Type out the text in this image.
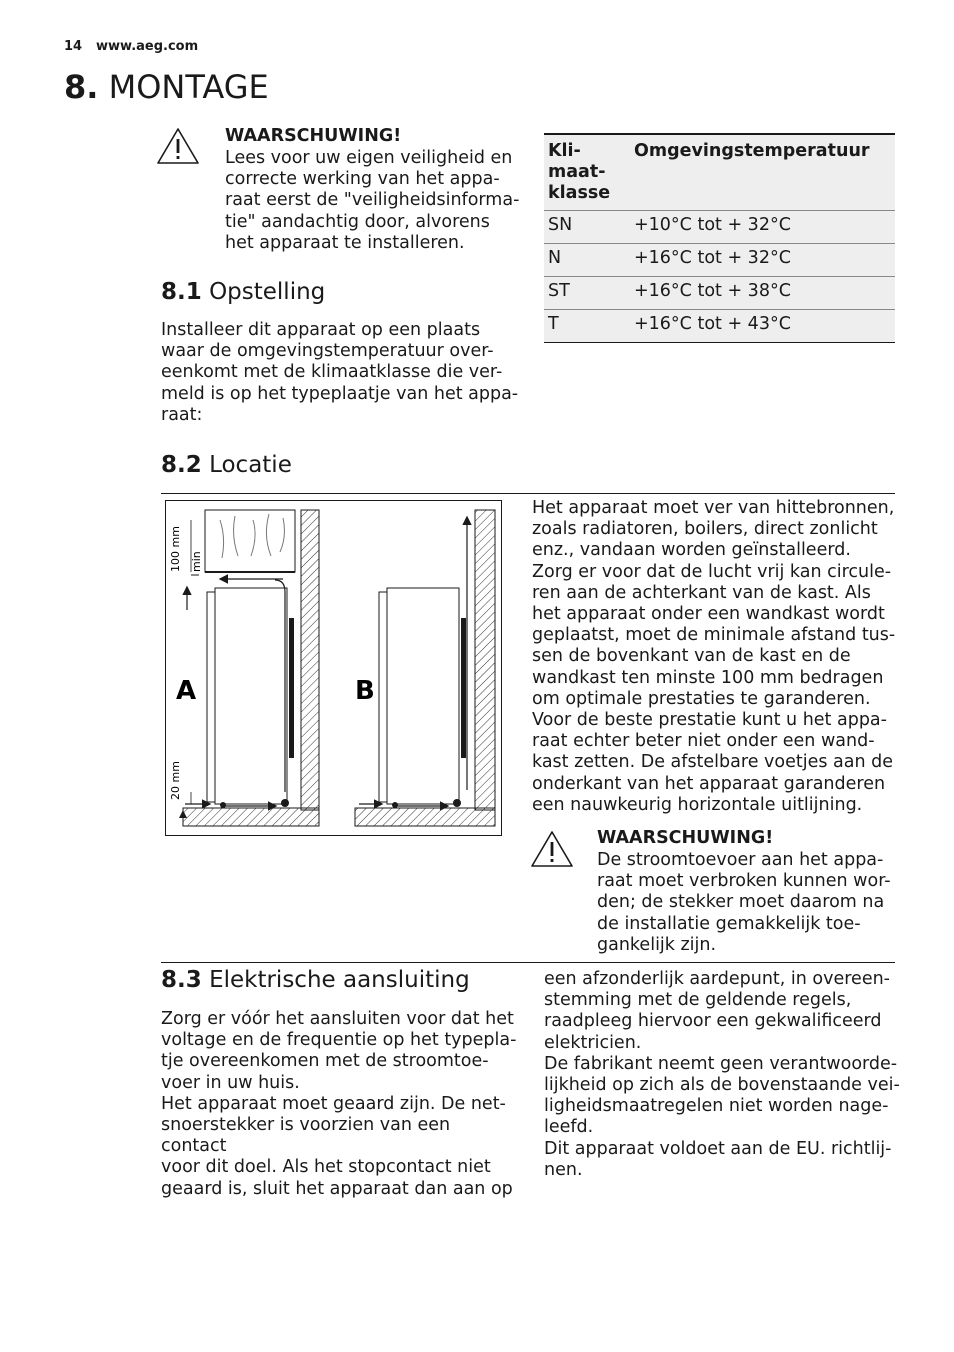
14 www.aeg.com
8. MONTAGE
WAARSCHUWING!
Lees voor uw eigen veiligheid en
correcte werking van het appa-
raat eerst de "veiligheidsinforma-
tie" aandachtig door, alvorens
het apparaat te installeren.
8.1 Opstelling
Installeer dit apparaat op een plaats
waar de omgevingstemperatuur over-
eenkomt met de klimaatklasse die ver-
meld is op het typeplaatje van het appa-
raat:
Kli-
maat-
klasse	Omgevingstemperatuur
SN	+10°C tot + 32°C
N	+16°C tot + 32°C
ST	+16°C tot + 38°C
T	+16°C tot + 43°C
8.2 Locatie
100 mm min
20 mm
A	B
Het apparaat moet ver van hittebronnen,
zoals radiatoren, boilers, direct zonlicht
enz., vandaan worden geïnstalleerd.
Zorg er voor dat de lucht vrij kan circule-
ren aan de achterkant van de kast. Als
het apparaat onder een wandkast wordt
geplaatst, moet de minimale afstand tus-
sen de bovenkant van de kast en de
wandkast ten minste 100 mm bedragen
om optimale prestaties te garanderen.
Voor de beste prestatie kunt u het appa-
raat echter beter niet onder een wand-
kast zetten. De afstelbare voetjes aan de
onderkant van het apparaat garanderen
een nauwkeurig horizontale uitlijning.
WAARSCHUWING!
De stroomtoevoer aan het appa-
raat moet verbroken kunnen wor-
den; de stekker moet daarom na
de installatie gemakkelijk toe-
gankelijk zijn.
8.3 Elektrische aansluiting
Zorg er vóór het aansluiten voor dat het
voltage en de frequentie op het typepla-
tje overeenkomen met de stroomtoe-
voer in uw huis.
Het apparaat moet geaard zijn. De net-
snoerstekker is voorzien van een contact
voor dit doel. Als het stopcontact niet
geaard is, sluit het apparaat dan aan op
een afzonderlijk aardepunt, in overeen-
stemming met de geldende regels,
raadpleeg hiervoor een gekwalificeerd
elektricien.
De fabrikant neemt geen verantwoorde-
lijkheid op zich als de bovenstaande vei-
ligheidsmaatregelen niet worden nage-
leefd.
Dit apparaat voldoet aan de EU. richtlij-
nen.
